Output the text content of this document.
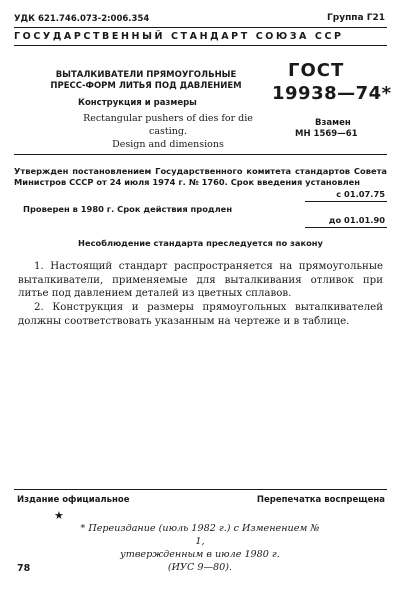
УДК 621.746.073-2:006.354	Группа Г21
ГОСУДАРСТВЕННЫЙ СТАНДАРТ СОЮЗА ССР
ВЫТАЛКИВАТЕЛИ ПРЯМОУГОЛЬНЫЕ
ПРЕСС-ФОРМ ЛИТЬЯ ПОД ДАВЛЕНИЕМ
Конструкция и размеры
Rectangular pushers of dies for die casting.
Design and dimensions
ГОСТ
19938—74*
Взамен
МН 1569—61
Утвержден постановлением Государственного комитета стандартов Совета Министров СССР от 24 июля 1974 г. № 1760. Срок введения установлен
с 01.07.75
Проверен в 1980 г. Срок действия продлен
до 01.01.90
Несоблюдение стандарта преследуется по закону
1. Настоящий стандарт распространяется на прямоугольные выталкиватели, применяемые для выталкивания отливок при литье под давлением деталей из цветных сплавов.
2. Конструкция и размеры прямоугольных выталкивателей должны соответствовать указанным на чертеже и в таблице.
Издание официальное	Перепечатка воспрещена
★
* Переиздание (июль 1982 г.) с Изменением № 1,
утвержденным в июле 1980 г.
(ИУС 9—80).
78
